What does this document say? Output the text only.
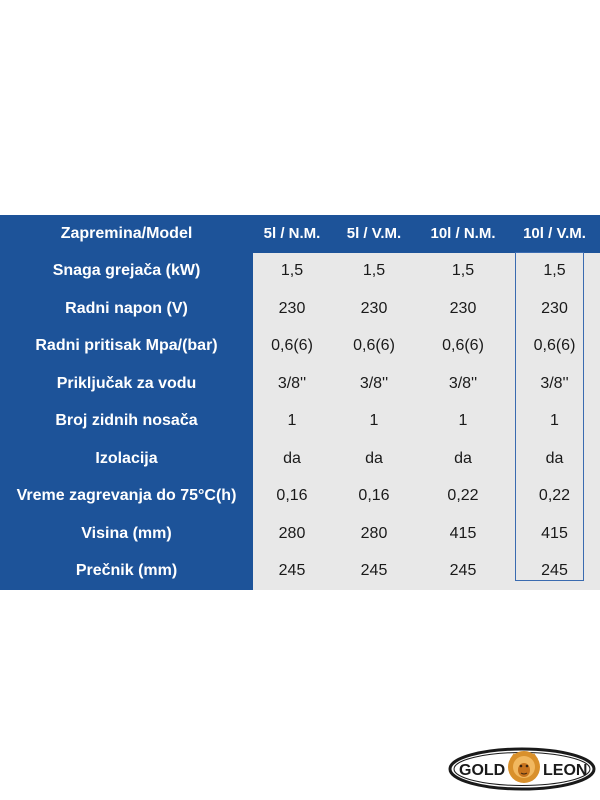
Zapremina/Model	5l / N.M.	5l / V.M.	10l / N.M.	10l / V.M.
Snaga grejača (kW)	1,5	1,5	1,5	1,5
Radni napon (V)	230	230	230	230
Radni pritisak Mpa/(bar)	0,6(6)	0,6(6)	0,6(6)	0,6(6)
Priključak za vodu	3/8''	3/8''	3/8''	3/8''
Broj zidnih nosača	1	1	1	1
Izolacija	da	da	da	da
Vreme zagrevanja do 75°C(h)	0,16	0,16	0,22	0,22
Visina (mm)	280	280	415	415
Prečnik (mm)	245	245	245	245
GOLD LEON
